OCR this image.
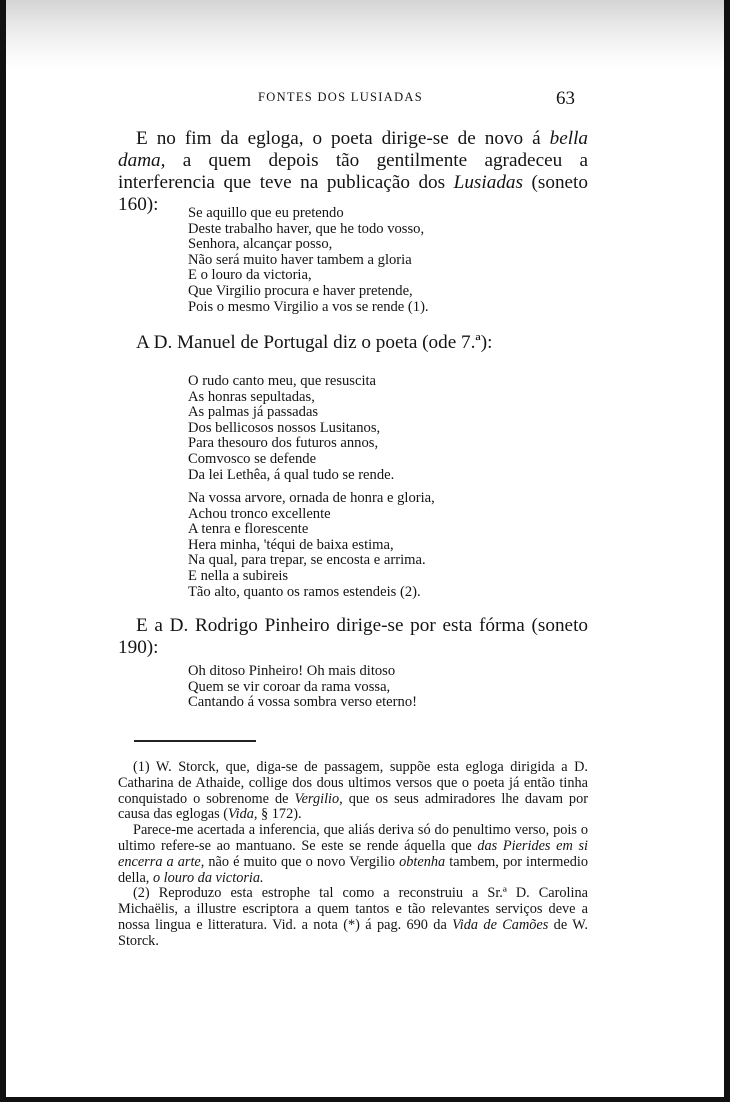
FONTES DOS LUSIADAS	63

E no fim da egloga, o poeta dirige-se de novo á bella dama, a quem depois tão gentilmente agradeceu a interferencia que teve na publicação dos Lusiadas (soneto 160):	Se aquillo que eu pretendo
Deste trabalho haver, que he todo vosso,
Senhora, alcançar posso,
Não será muito haver tambem a gloria
E o louro da victoria,
Que Virgilio procura e haver pretende,
Pois o mesmo Virgilio a vos se rende (1).

A D. Manuel de Portugal diz o poeta (ode 7.ª):

O rudo canto meu, que resuscita
As honras sepultadas,
As palmas já passadas
Dos bellicosos nossos Lusitanos,
Para thesouro dos futuros annos,
Comvosco se defende
Da lei Lethêa, á qual tudo se rende.
Na vossa arvore, ornada de honra e gloria,
Achou tronco excellente
A tenra e florescente
Hera minha, 'téqui de baixa estima,
Na qual, para trepar, se encosta e arrima.
E nella a subireis
Tão alto, quanto os ramos estendeis (2).

E a D. Rodrigo Pinheiro dirige-se por esta fórma (soneto 190):

Oh ditoso Pinheiro! Oh mais ditoso
Quem se vir coroar da rama vossa,
Cantando á vossa sombra verso eterno!

(1) W. Storck, que, diga-se de passagem, suppõe esta egloga dirigida a D. Catharina de Athaide, collige dos dous ultimos versos que o poeta já então tinha conquistado o sobrenome de Vergilio, que os seus admiradores lhe davam por causa das eglogas (Vida, § 172).

Parece-me acertada a inferencia, que aliás deriva só do penultimo verso, pois o ultimo refere-se ao mantuano. Se este se rende áquella que das Pierides em si encerra a arte, não é muito que o novo Vergilio obtenha tambem, por intermedio della, o louro da victoria.

(2) Reproduzo esta estrophe tal como a reconstruiu a Sr.ª D. Carolina Michaëlis, a illustre escriptora a quem tantos e tão relevantes serviços deve a nossa lingua e litteratura. Vid. a nota (*) á pag. 690 da Vida de Camões de W. Storck.
